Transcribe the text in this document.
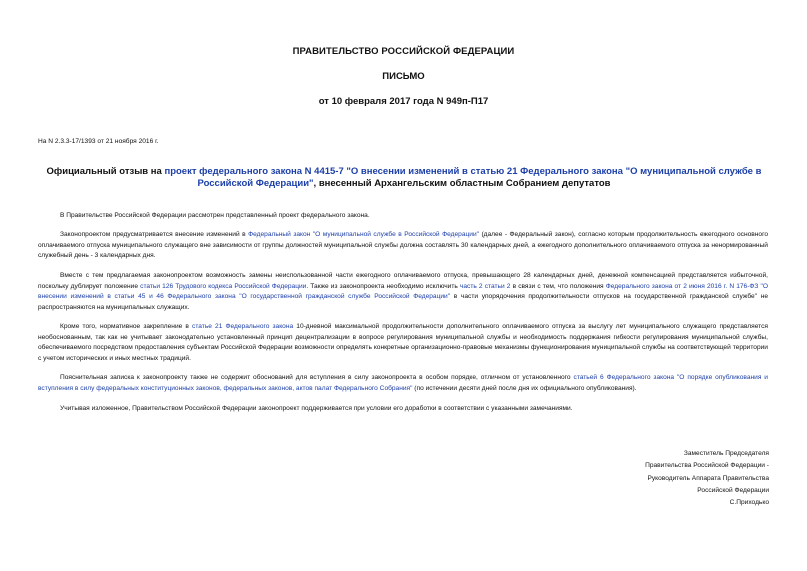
ПРАВИТЕЛЬСТВО РОССИЙСКОЙ ФЕДЕРАЦИИ
ПИСЬМО
от 10 февраля 2017 года N 949п-П17
На N 2.3.3-17/1393 от 21 ноября 2016 г.
Официальный отзыв на проект федерального закона N 4415-7 "О внесении изменений в статью 21 Федерального закона "О муниципальной службе в Российской Федерации", внесенный Архангельским областным Собранием депутатов
В Правительстве Российской Федерации рассмотрен представленный проект федерального закона.
Законопроектом предусматривается внесение изменений в Федеральный закон "О муниципальной службе в Российской Федерации" (далее - Федеральный закон), согласно которым продолжительность ежегодного основного оплачиваемого отпуска муниципального служащего вне зависимости от группы должностей муниципальной службы должна составлять 30 календарных дней, а ежегодного дополнительного оплачиваемого отпуска за ненормированный служебный день - 3 календарных дня.
Вместе с тем предлагаемая законопроектом возможность замены неиспользованной части ежегодного оплачиваемого отпуска, превышающего 28 календарных дней, денежной компенсацией представляется избыточной, поскольку дублирует положение статьи 126 Трудового кодекса Российской Федерации. Также из законопроекта необходимо исключить часть 2 статьи 2 в связи с тем, что положения Федерального закона от 2 июня 2016 г. N 176-ФЗ "О внесении изменений в статьи 45 и 46 Федерального закона "О государственной гражданской службе Российской Федерации" в части упорядочения продолжительности отпусков на государственной гражданской службе" не распространяются на муниципальных служащих.
Кроме того, нормативное закрепление в статье 21 Федерального закона 10-дневной максимальной продолжительности дополнительного оплачиваемого отпуска за выслугу лет муниципального служащего представляется необоснованным, так как не учитывает законодательно установленный принцип децентрализации в вопросе регулирования муниципальной службы и необходимость поддержания гибкости регулирования муниципальной службы, обеспечиваемого посредством предоставления субъектам Российской Федерации возможности определять конкретные организационно-правовые механизмы функционирования муниципальной службы на соответствующей территории с учетом исторических и иных местных традиций.
Пояснительная записка к законопроекту также не содержит обоснований для вступления в силу законопроекта в особом порядке, отличном от установленного статьей 6 Федерального закона "О порядке опубликования и вступления в силу федеральных конституционных законов, федеральных законов, актов палат Федерального Собрания" (по истечении десяти дней после дня их официального опубликования).
Учитывая изложенное, Правительством Российской Федерации законопроект поддерживается при условии его доработки в соответствии с указанными замечаниями.
Заместитель Председателя
Правительства Российской Федерации -
Руководитель Аппарата Правительства
Российской Федерации
С.Приходько
